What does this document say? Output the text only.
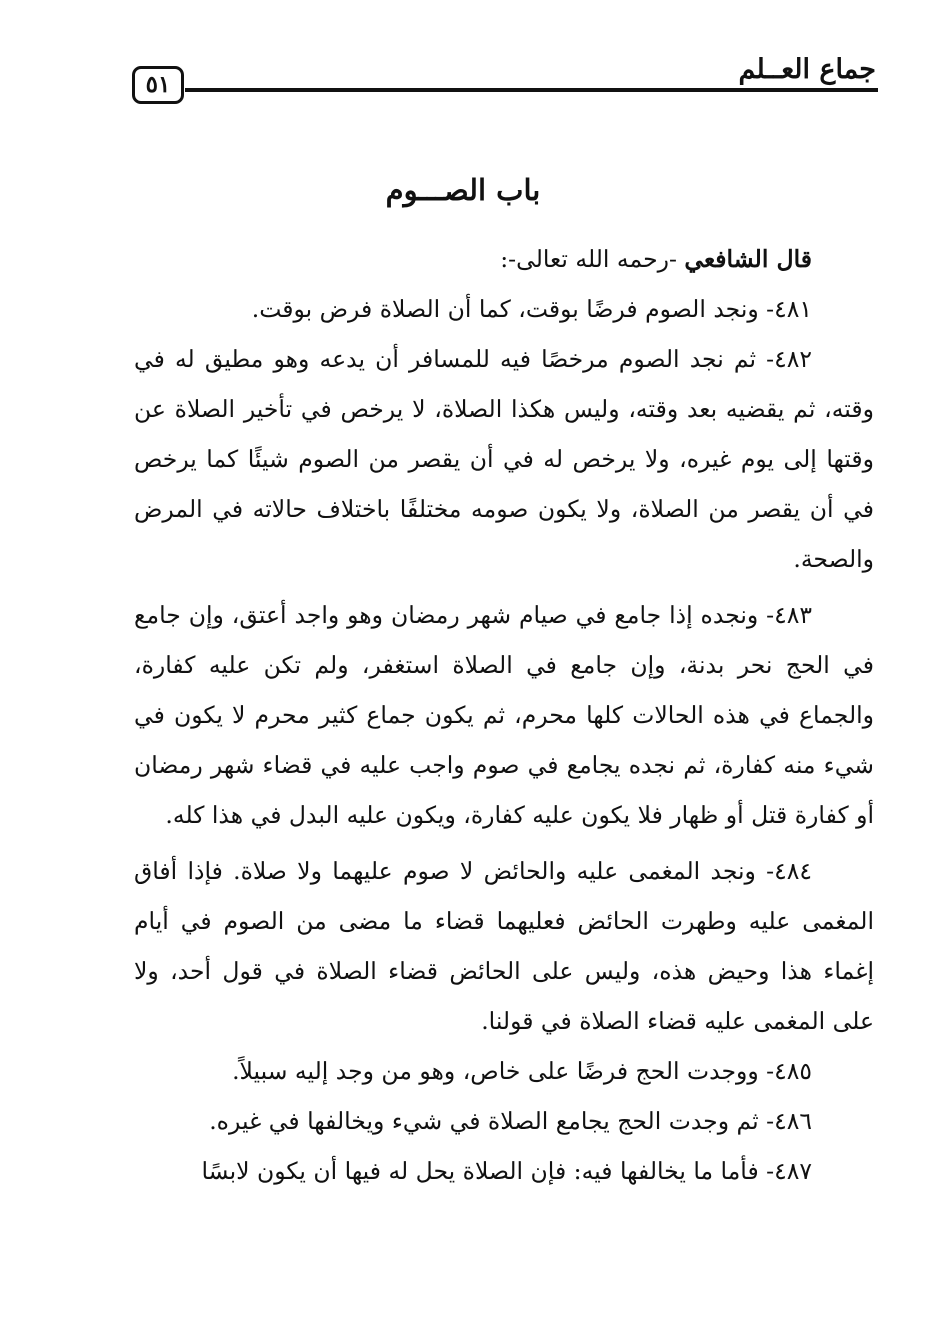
جماع العــلم
٥١
باب الصـــوم

قال الشافعي -رحمه الله تعالى-:

٤٨١- ونجد الصوم فرضًا بوقت، كما أن الصلاة فرض بوقت.

٤٨٢- ثم نجد الصوم مرخصًا فيه للمسافر أن يدعه وهو مطيق له في وقته، ثم يقضيه بعد وقته، وليس هكذا الصلاة، لا يرخص في تأخير الصلاة عن وقتها إلى يوم غيره، ولا يرخص له في أن يقصر من الصوم شيئًا كما يرخص في أن يقصر من الصلاة، ولا يكون صومه مختلفًا باختلاف حالاته في المرض والصحة.

٤٨٣- ونجده إذا جامع في صيام شهر رمضان وهو واجد أعتق، وإن جامع في الحج نحر بدنة، وإن جامع في الصلاة استغفر، ولم تكن عليه كفارة، والجماع في هذه الحالات كلها محرم، ثم يكون جماع كثير محرم لا يكون في شيء منه كفارة، ثم نجده يجامع في صوم واجب عليه في قضاء شهر رمضان أو كفارة قتل أو ظهار فلا يكون عليه كفارة، ويكون عليه البدل في هذا كله.

٤٨٤- ونجد المغمى عليه والحائض لا صوم عليهما ولا صلاة. فإذا أفاق المغمى عليه وطهرت الحائض فعليهما قضاء ما مضى من الصوم في أيام إغماء هذا وحيض هذه، وليس على الحائض قضاء الصلاة في قول أحد، ولا على المغمى عليه قضاء الصلاة في قولنا.

٤٨٥- ووجدت الحج فرضًا على خاص، وهو من وجد إليه سبيلاً.

٤٨٦- ثم وجدت الحج يجامع الصلاة في شيء ويخالفها في غيره.

٤٨٧- فأما ما يخالفها فيه: فإن الصلاة يحل له فيها أن يكون لابسًا
